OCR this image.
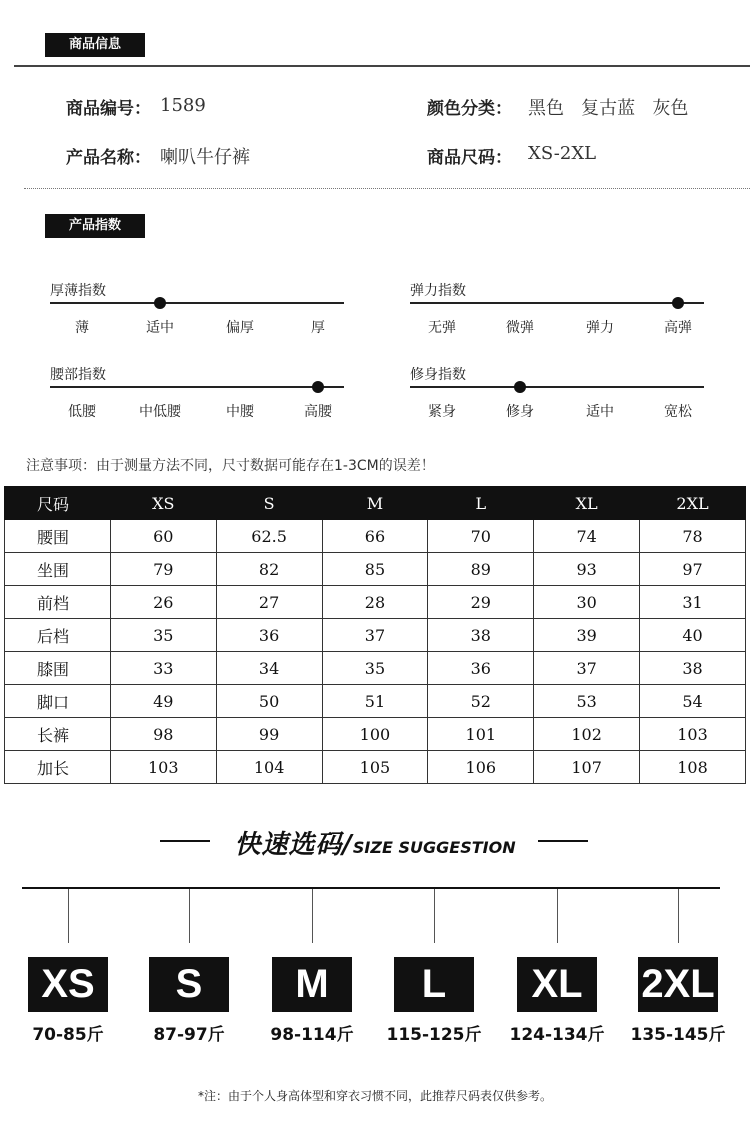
商品信息
商品编号： 1589	颜色分类： 黑色   复古蓝   灰色
产品名称： 喇叭牛仔裤	商品尺码： XS-2XL
产品指数
厚薄指数
薄	适中	偏厚	厚
弹力指数
无弹	微弹	弹力	高弹
腰部指数
低腰	中低腰	中腰	高腰
修身指数
紧身	修身	适中	宽松
注意事项：由于测量方法不同，尺寸数据可能存在1-3CM的误差！
尺码	XS	S	M	L	XL	2XL
腰围	60	62.5	66	70	74	78
坐围	79	82	85	89	93	97
前档	26	27	28	29	30	31
后档	35	36	37	38	39	40
膝围	33	34	35	36	37	38
脚口	49	50	51	52	53	54
长裤	98	99	100	101	102	103
加长	103	104	105	106	107	108
快速选码/SIZE SUGGESTION
XS
70-85斤
S
87-97斤
M
98-114斤
L
115-125斤
XL
124-134斤
2XL
135-145斤
*注：由于个人身高体型和穿衣习惯不同，此推荐尺码表仅供参考。
